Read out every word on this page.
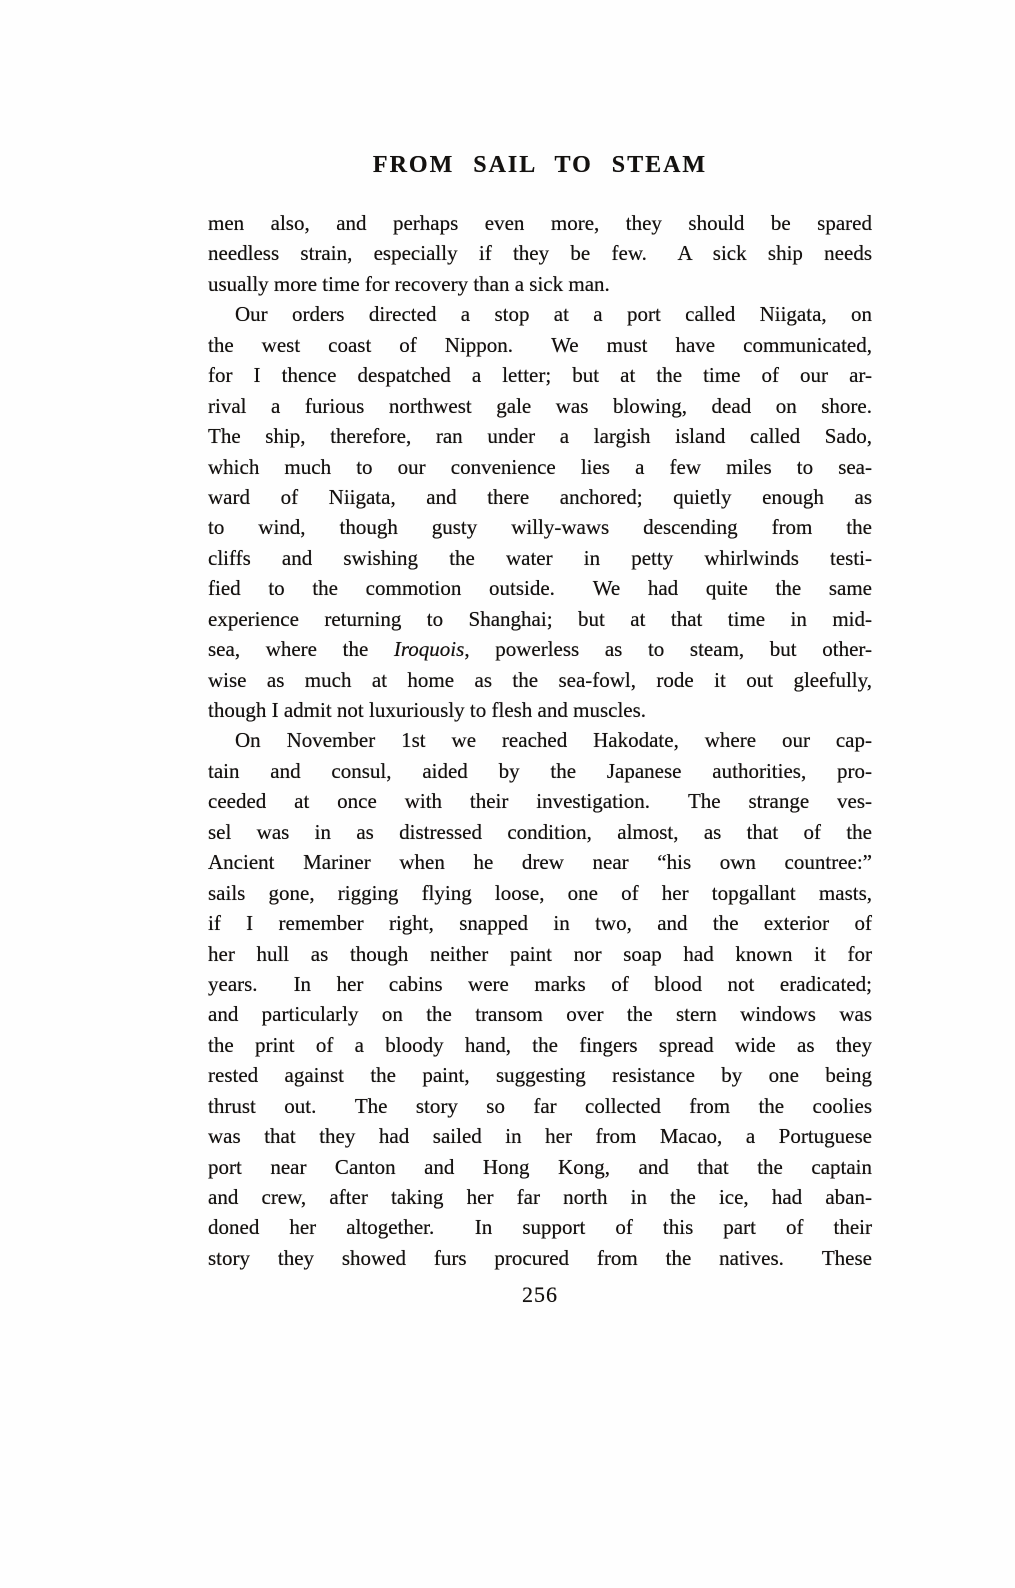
FROM SAIL TO STEAM
men also, and perhaps even more, they should be spared
needless strain, especially if they be few.  A sick ship needs
usually more time for recovery than a sick man.
Our orders directed a stop at a port called Niigata, on
the west coast of Nippon.  We must have communicated,
for I thence despatched a letter; but at the time of our ar-
rival a furious northwest gale was blowing, dead on shore.
The ship, therefore, ran under a largish island called Sado,
which much to our convenience lies a few miles to sea-
ward of Niigata, and there anchored; quietly enough as
to wind, though gusty willy-waws descending from the
cliffs and swishing the water in petty whirlwinds testi-
fied to the commotion outside.  We had quite the same
experience returning to Shanghai; but at that time in mid-
sea, where the Iroquois, powerless as to steam, but other-
wise as much at home as the sea-fowl, rode it out gleefully,
though I admit not luxuriously to flesh and muscles.
On November 1st we reached Hakodate, where our cap-
tain and consul, aided by the Japanese authorities, pro-
ceeded at once with their investigation.  The strange ves-
sel was in as distressed condition, almost, as that of the
Ancient Mariner when he drew near “his own countree:”
sails gone, rigging flying loose, one of her topgallant masts,
if I remember right, snapped in two, and the exterior of
her hull as though neither paint nor soap had known it for
years.  In her cabins were marks of blood not eradicated;
and particularly on the transom over the stern windows was
the print of a bloody hand, the fingers spread wide as they
rested against the paint, suggesting resistance by one being
thrust out.  The story so far collected from the coolies
was that they had sailed in her from Macao, a Portuguese
port near Canton and Hong Kong, and that the captain
and crew, after taking her far north in the ice, had aban-
doned her altogether.  In support of this part of their
story they showed furs procured from the natives.  These
256
